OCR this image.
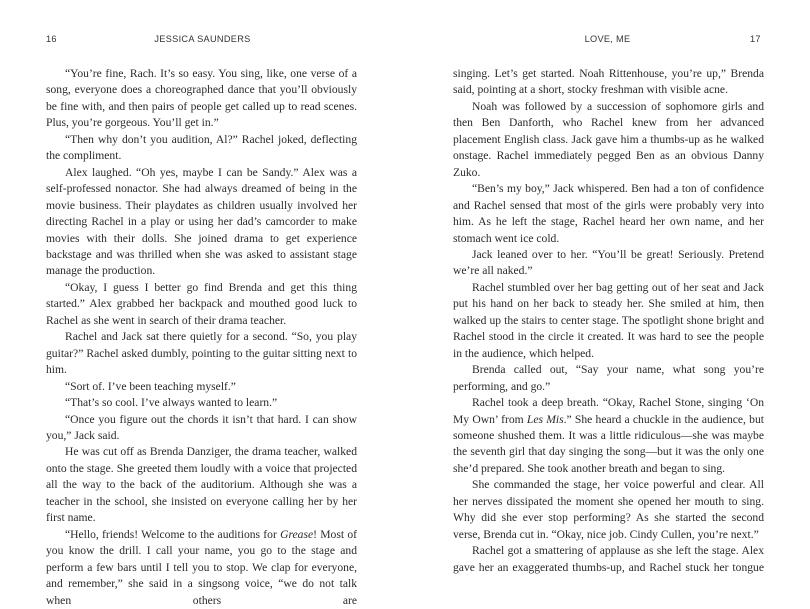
16	JESSICA SAUNDERS

“You’re fine, Rach. It’s so easy. You sing, like, one verse of a song, everyone does a choreographed dance that you’ll obviously be fine with, and then pairs of people get called up to read scenes. Plus, you’re gorgeous. You’ll get in.”

“Then why don’t you audition, Al?” Rachel joked, deflecting the compliment.

Alex laughed. “Oh yes, maybe I can be Sandy.” Alex was a self-professed nonactor. She had always dreamed of being in the movie business. Their playdates as children usually involved her directing Rachel in a play or using her dad’s camcorder to make movies with their dolls. She joined drama to get experience backstage and was thrilled when she was asked to assistant stage manage the production.

“Okay, I guess I better go find Brenda and get this thing started.” Alex grabbed her backpack and mouthed good luck to Rachel as she went in search of their drama teacher.

Rachel and Jack sat there quietly for a second. “So, you play guitar?” Rachel asked dumbly, pointing to the guitar sitting next to him.

“Sort of. I’ve been teaching myself.”

“That’s so cool. I’ve always wanted to learn.”

“Once you figure out the chords it isn’t that hard. I can show you,” Jack said.

He was cut off as Brenda Danziger, the drama teacher, walked onto the stage. She greeted them loudly with a voice that projected all the way to the back of the auditorium. Although she was a teacher in the school, she insisted on everyone calling her by her first name.

“Hello, friends! Welcome to the auditions for Grease! Most of you know the drill. I call your name, you go to the stage and perform a few bars until I tell you to stop. We clap for everyone, and remember,” she said in a singsong voice, “we do not talk when others are

LOVE, ME	17

singing. Let’s get started. Noah Rittenhouse, you’re up,” Brenda said, pointing at a short, stocky freshman with visible acne.

Noah was followed by a succession of sophomore girls and then Ben Danforth, who Rachel knew from her advanced placement English class. Jack gave him a thumbs-up as he walked onstage. Rachel immediately pegged Ben as an obvious Danny Zuko.

“Ben’s my boy,” Jack whispered. Ben had a ton of confidence and Rachel sensed that most of the girls were probably very into him. As he left the stage, Rachel heard her own name, and her stomach went ice cold.

Jack leaned over to her. “You’ll be great! Seriously. Pretend we’re all naked.”

Rachel stumbled over her bag getting out of her seat and Jack put his hand on her back to steady her. She smiled at him, then walked up the stairs to center stage. The spotlight shone bright and Rachel stood in the circle it created. It was hard to see the people in the audience, which helped.

Brenda called out, “Say your name, what song you’re performing, and go.”

Rachel took a deep breath. “Okay, Rachel Stone, singing ‘On My Own’ from Les Mis.” She heard a chuckle in the audience, but someone shushed them. It was a little ridiculous—she was maybe the seventh girl that day singing the song—but it was the only one she’d prepared. She took another breath and began to sing.

She commanded the stage, her voice powerful and clear. All her nerves dissipated the moment she opened her mouth to sing. Why did she ever stop performing? As she started the second verse, Brenda cut in. “Okay, nice job. Cindy Cullen, you’re next.”

Rachel got a smattering of applause as she left the stage. Alex gave her an exaggerated thumbs-up, and Rachel stuck her tongue
